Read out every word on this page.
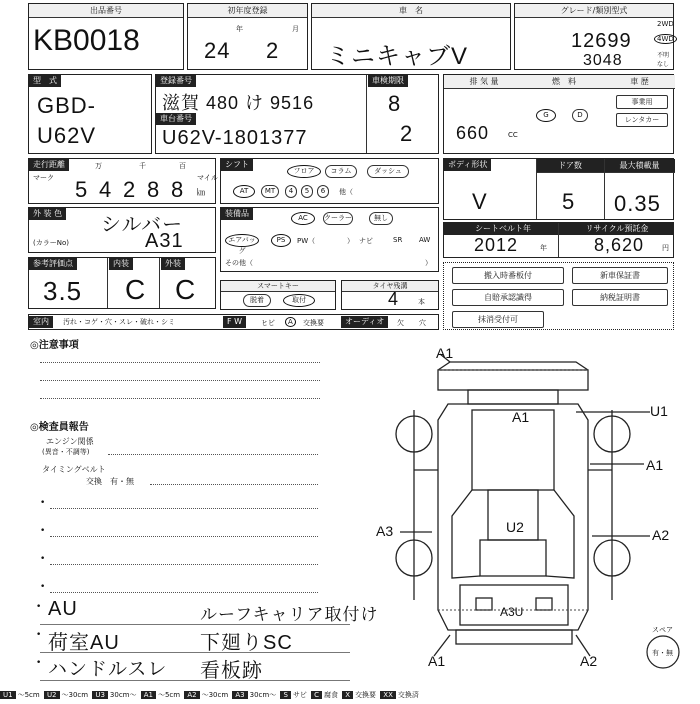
出品番号
KB0018
初年度登録
年	月
24 2
車　名
ミニキャブV
グレード/類別型式
12699
3048
2WD
4WD
不明
なし
型　式
GBD-
U62V
登録番号
滋賀 480 け 9516
車台番号
U62V-1801377
車検期限
8
2
排 気 量	燃　料	車 歴
660	CC
G	D
事業用
レンタカー
走行距離
マーク
万	千	百
マイル
5 4 2 8 8 ㎞
シフト
フロア	コラム	ダッシュ
AT	MT	4	5	6	他（
ボディ形状	ドア数	最大積載量
V	5 0.35
外 装 色
シルバー
(カラーNo)	A31
装備品	AC	クーラー	無し
エアバッグ
PS	PW（	） ナビ	SR AW
その他（	）
シートベルト年	リサイクル預託金
2012	年	8,620	円
参考評価点	内装	外装
3.5 C C	スマートキー
脱着	取付
タイヤ残溝
4	本
搬入時番板付
自賠承認識得
抹消受付可
新車保証書
納税証明書
室内	汚れ・コゲ・穴・スレ・破れ・シミ	F W	ヒビ	A	交換要	オーディオ	欠 穴
◎注意事項
◎検査員報告
エンジン関係
(異音・不調等)
タイミングベルト
交換　有・無
•
•
•
•
• AU	ルーフキャリア取付け
• 荷室AU	下廻りSC
• ハンドルスレ 看板跡
A1
A1	U1
A1
A3	A2
U2
A3U
A1	A2
スペア
有・無
U1 〜5cm U2 〜30cm U3 30cm〜 A1 〜5cm A2 〜30cm A3 30cm〜 S サビ C 腐食 X 交換要 XX 交換済
